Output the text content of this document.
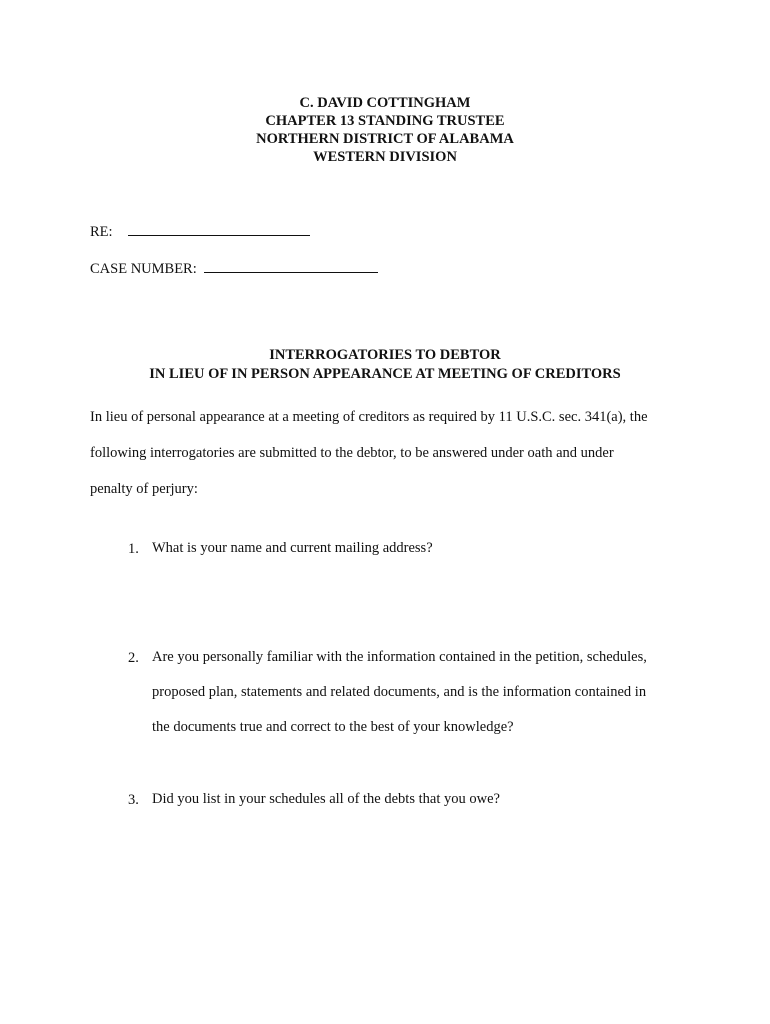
C. DAVID COTTINGHAM
CHAPTER 13 STANDING TRUSTEE
NORTHERN DISTRICT OF ALABAMA
WESTERN DIVISION
RE:
CASE NUMBER:
INTERROGATORIES TO DEBTOR
IN LIEU OF IN PERSON APPEARANCE AT MEETING OF CREDITORS
In lieu of personal appearance at a meeting of creditors as required by 11 U.S.C. sec. 341(a), the
following interrogatories are submitted to the debtor, to be answered under oath and under
penalty of perjury:
1. What is your name and current mailing address?
2. Are you personally familiar with the information contained in the petition, schedules,
proposed plan, statements and related documents, and is the information contained in
the documents true and correct to the best of your knowledge?
3. Did you list in your schedules all of the debts that you owe?
